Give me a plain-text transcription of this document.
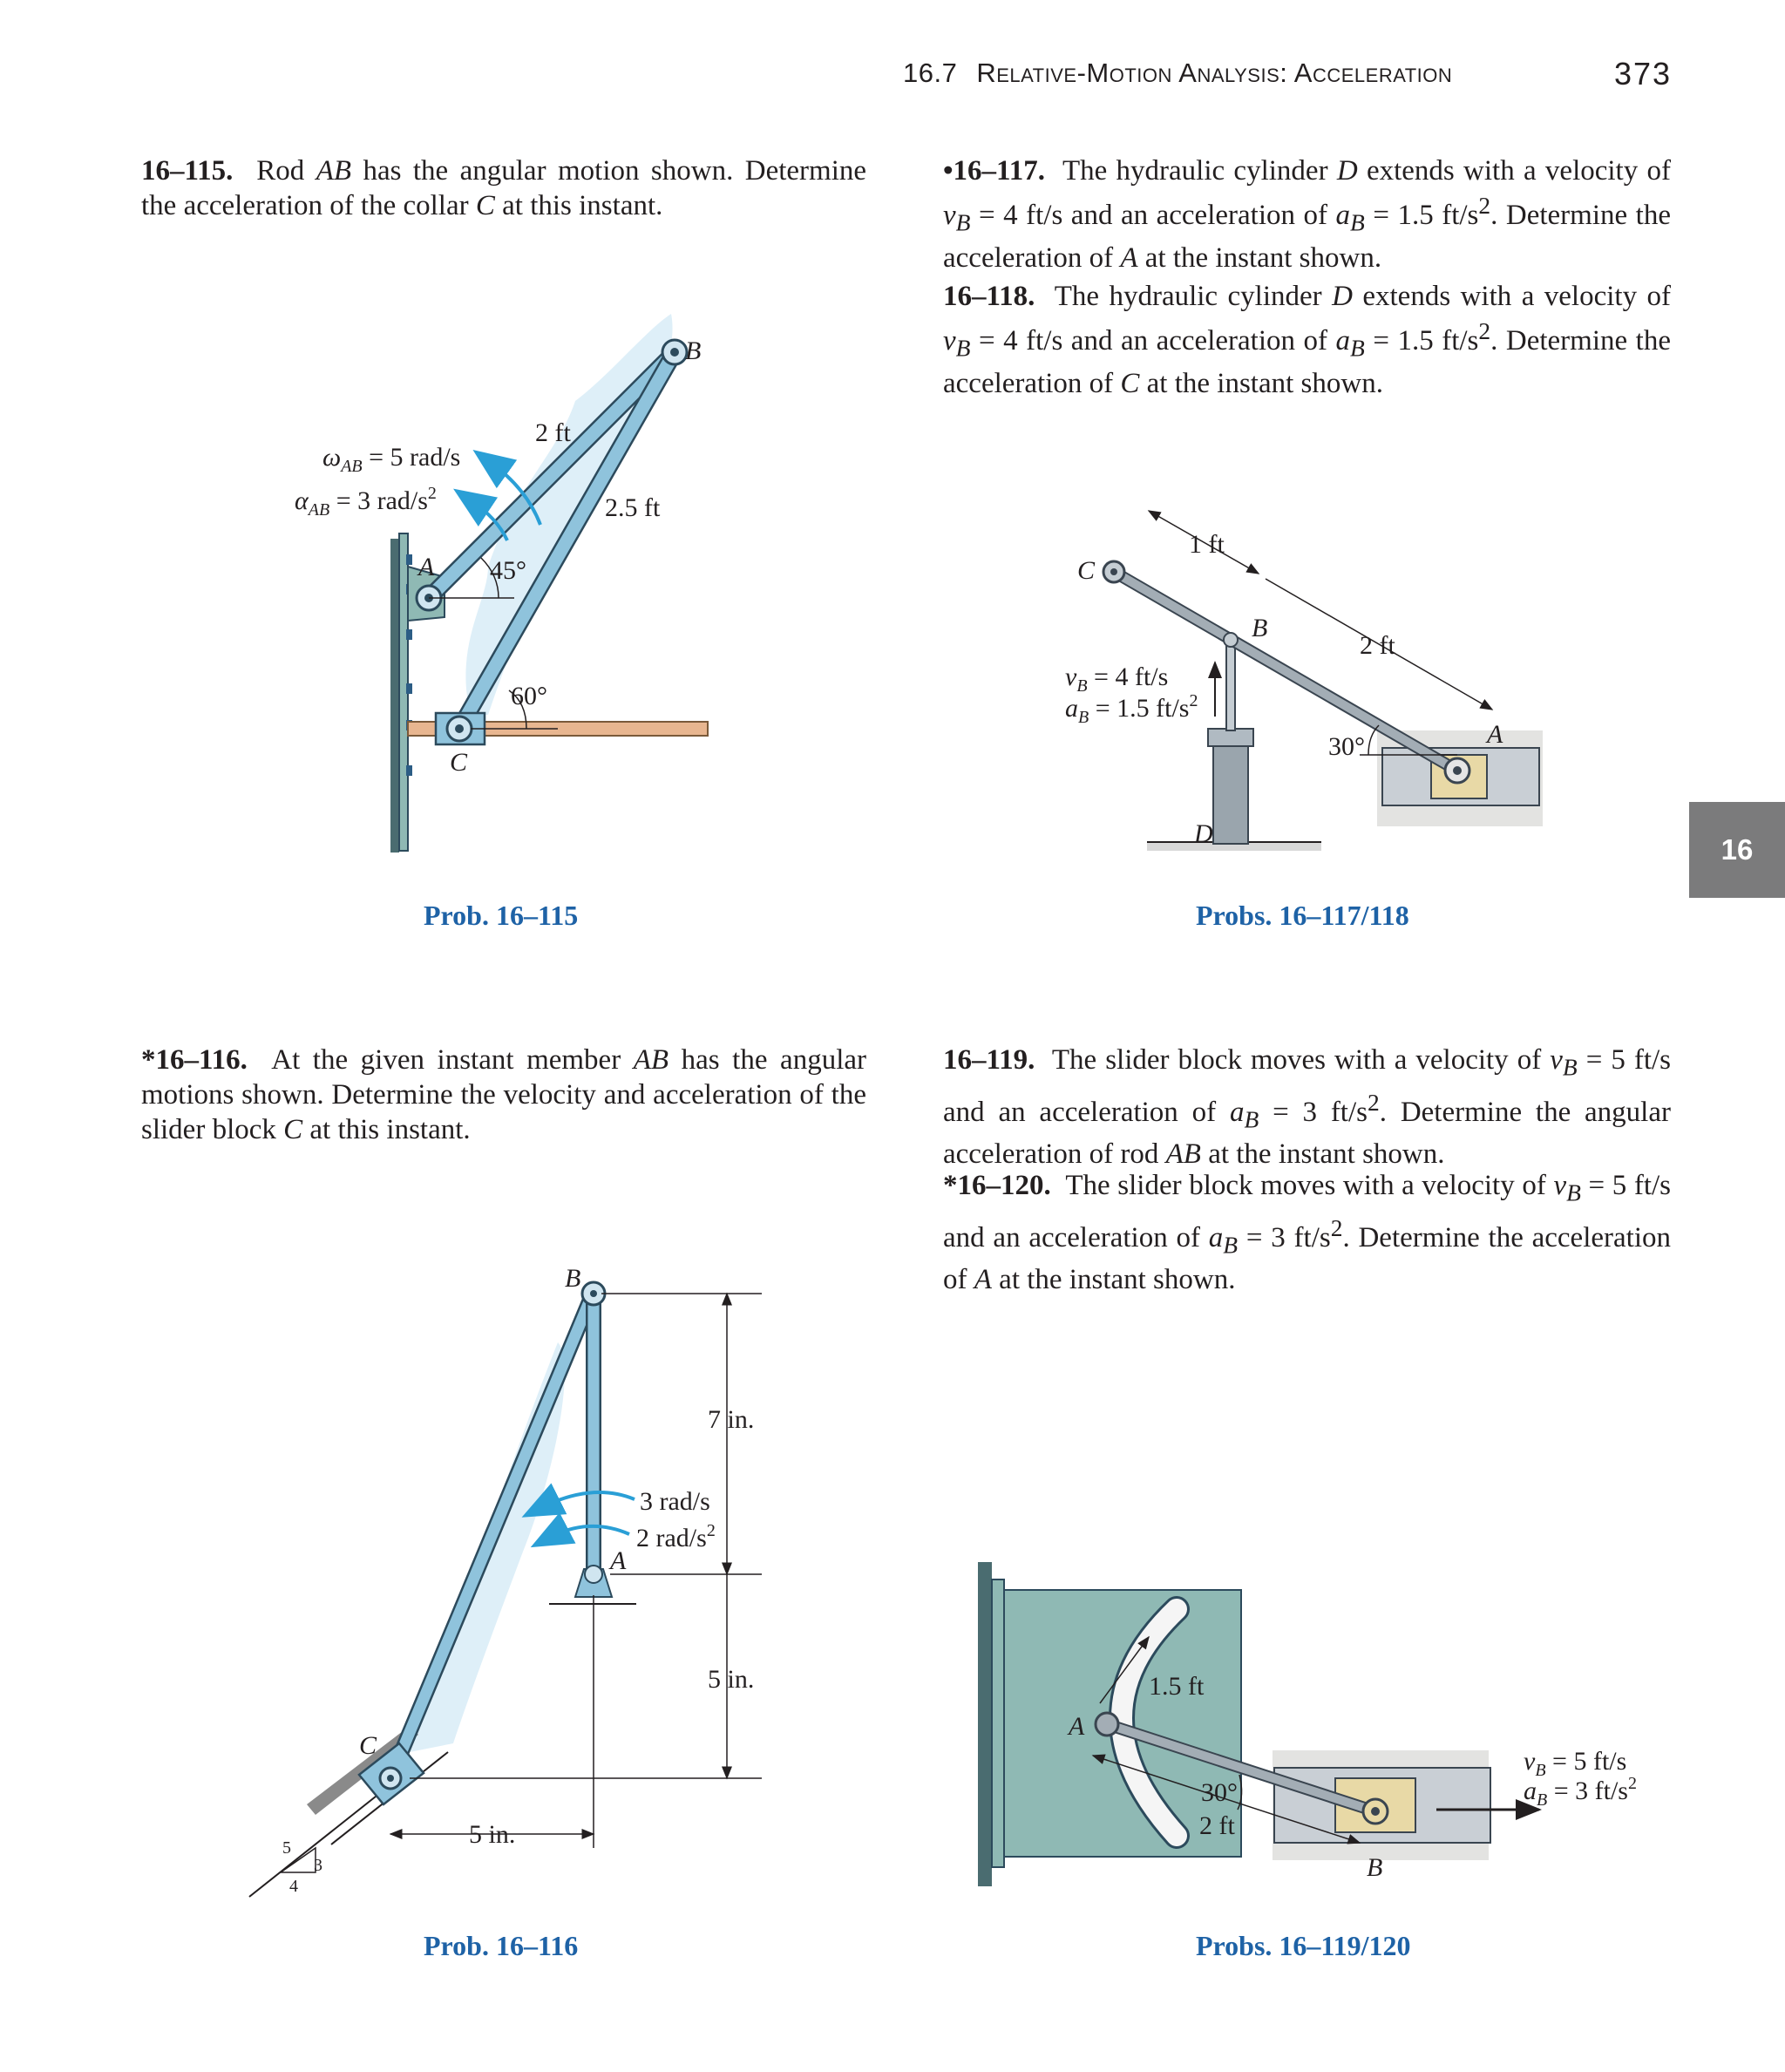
16.7 Relative-Motion Analysis: Acceleration	373
16
16–115. Rod AB has the angular motion shown. Determine the acceleration of the collar C at this instant.
•16–117. The hydraulic cylinder D extends with a velocity of $v_B = 4$ ft/s and an acceleration of $a_B = 1.5$ $ft/s^2$. Determine the acceleration of A at the instant shown.
16–118. The hydraulic cylinder D extends with a velocity of $v_B = 4$ ft/s and an acceleration of $a_B = 1.5$ $ft/s^2$. Determine the acceleration of C at the instant shown.
*16–116. At the given instant member AB has the angular motions shown. Determine the velocity and acceleration of the slider block C at this instant.
16–119. The slider block moves with a velocity of $v_B = 5$ ft/s and an acceleration of $a_B = 3$ $ft/s^2$. Determine the angular acceleration of rod AB at the instant shown.
*16–120. The slider block moves with a velocity of $v_B = 5$ ft/s and an acceleration of $a_B = 3$ $ft/s^2$. Determine the acceleration of A at the instant shown.
Prob. 16–115	Probs. 16–117/118
Prob. 16–116	Probs. 16–119/120
B
A
C
2 ft
2.5 ft
45°
60°
$\omega_{AB} = 5$ rad/s
$\alpha_{AB} = 3$ rad/$s^2$
C
B
A
D
1 ft
2 ft
30°
$v_B = 4$ ft/s
$a_B = 1.5$ $ft/s^2$
B
A
C
7 in.
5 in.
5 in.
3 rad/s
2 rad/$s^2$
5
3
4
A
B
1.5 ft
2 ft
30°
$v_B = 5$ ft/s
$a_B = 3$ $ft/s^2$
